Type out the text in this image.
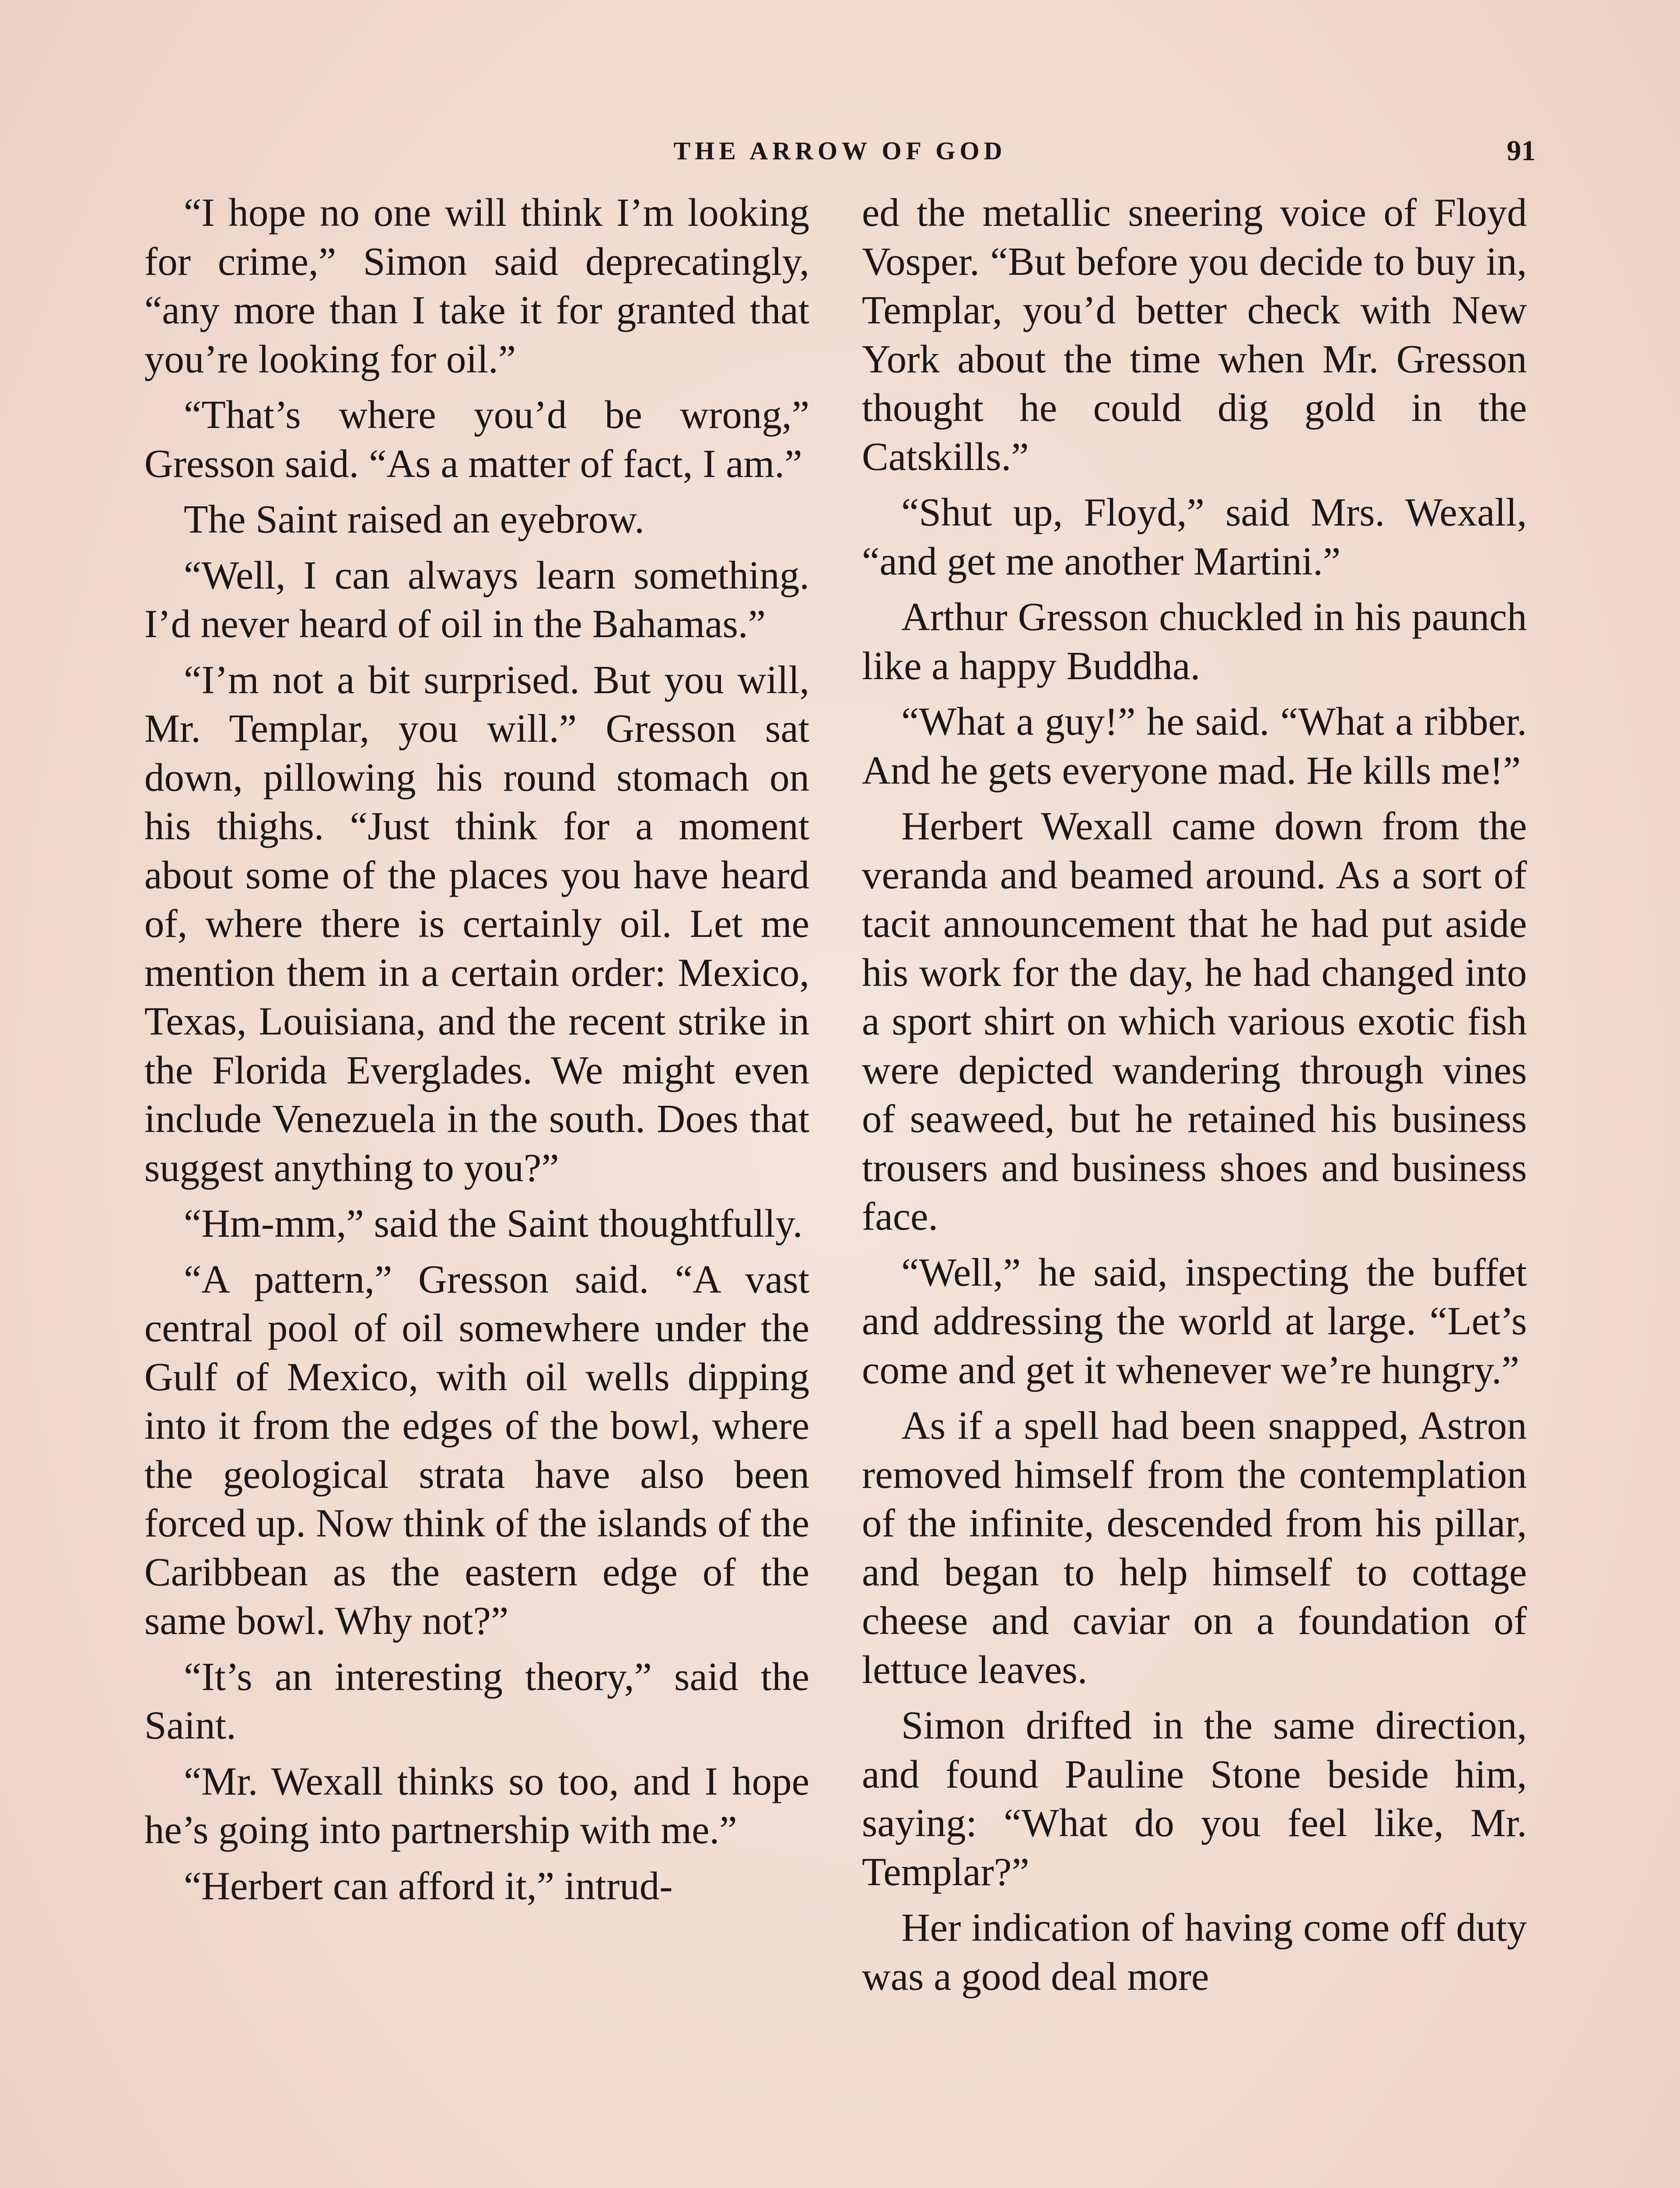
THE ARROW OF GOD	91

“I hope no one will think I’m looking for crime,” Simon said deprecatingly, “any more than I take it for granted that you’re looking for oil.”

“That’s where you’d be wrong,” Gresson said. “As a matter of fact, I am.”

The Saint raised an eyebrow.

“Well, I can always learn something. I’d never heard of oil in the Bahamas.”

“I’m not a bit surprised. But you will, Mr. Templar, you will.” Gresson sat down, pillowing his round stomach on his thighs. “Just think for a moment about some of the places you have heard of, where there is certainly oil. Let me mention them in a certain order: Mexico, Texas, Louisiana, and the recent strike in the Florida Everglades. We might even include Venezuela in the south. Does that suggest anything to you?”

“Hm-mm,” said the Saint thoughtfully.

“A pattern,” Gresson said. “A vast central pool of oil somewhere under the Gulf of Mexico, with oil wells dipping into it from the edges of the bowl, where the geological strata have also been forced up. Now think of the islands of the Caribbean as the eastern edge of the same bowl. Why not?”

“It’s an interesting theory,” said the Saint.

“Mr. Wexall thinks so too, and I hope he’s going into partnership with me.”

“Herbert can afford it,” intrud-

ed the metallic sneering voice of Floyd Vosper. “But before you decide to buy in, Templar, you’d better check with New York about the time when Mr. Gresson thought he could dig gold in the Catskills.”

“Shut up, Floyd,” said Mrs. Wexall, “and get me another Martini.”

Arthur Gresson chuckled in his paunch like a happy Buddha.

“What a guy!” he said. “What a ribber. And he gets everyone mad. He kills me!”

Herbert Wexall came down from the veranda and beamed around. As a sort of tacit announcement that he had put aside his work for the day, he had changed into a sport shirt on which various exotic fish were depicted wandering through vines of seaweed, but he retained his business trousers and business shoes and business face.

“Well,” he said, inspecting the buffet and addressing the world at large. “Let’s come and get it whenever we’re hungry.”

As if a spell had been snapped, Astron removed himself from the contemplation of the infinite, descended from his pillar, and began to help himself to cottage cheese and caviar on a foundation of lettuce leaves.

Simon drifted in the same direction, and found Pauline Stone beside him, saying: “What do you feel like, Mr. Templar?”

Her indication of having come off duty was a good deal more
